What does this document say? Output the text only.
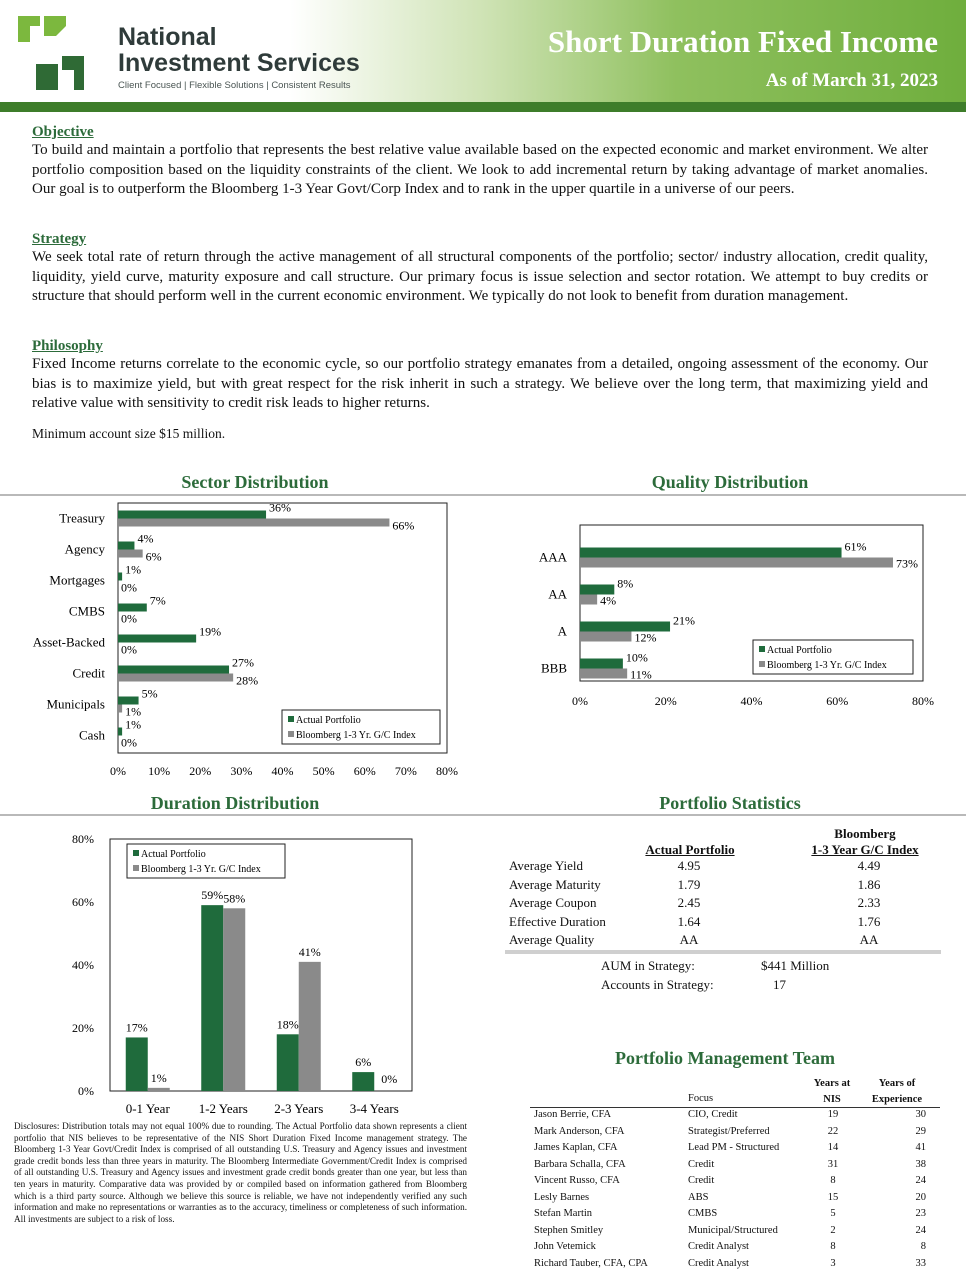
National
Investment Services
Client Focused | Flexible Solutions | Consistent Results
Short Duration Fixed Income
As of March 31, 2023
Objective
To build and maintain a portfolio that represents the best relative value available based on the expected economic and market environment. We alter portfolio composition based on the liquidity constraints of the client. We look to add incremental return by taking advantage of market anomalies. Our goal is to outperform the Bloomberg 1-3 Year Govt/Corp Index and to rank in the upper quartile in a universe of our peers.
Strategy
We seek total rate of return through the active management of all structural components of the portfolio; sector/ industry allocation, credit quality, liquidity, yield curve, maturity exposure and call structure. Our primary focus is issue selection and sector rotation. We attempt to buy credits or structure that should perform well in the current economic environment. We typically do not look to benefit from duration management.
Philosophy
Fixed Income returns correlate to the economic cycle, so our portfolio strategy emanates from a detailed, ongoing assessment of the economy. Our bias is to maximize yield, but with great respect for the risk inherit in such a strategy. We believe over the long term, that maximizing yield and relative value with sensitivity to credit risk leads to higher returns.
Minimum account size $15 million.
Sector Distribution	Quality Distribution
Duration Distribution	Portfolio Statistics
Treasury
36%
66%
Agency
4%
6%
Mortgages
1%
0%
CMBS
7%
0%
Asset-Backed
19%
0%
Credit
27%
28%
Municipals
5%
1%
Cash
1%
0%
0% 10% 20% 30% 40% 50% 60% 70% 80%
Actual Portfolio
Bloomberg 1-3 Yr. G/C Index
AAA
61%
73%
AA
8%
4%
A
21%
12%
BBB
10%
11%
0%	20%	40%	60%	80%
Actual Portfolio
Bloomberg 1-3 Yr. G/C Index
0%
20%
40%
60%
80%
17%
1%
0-1 Year
59% 58%
1-2 Years
18%
41%
2-3 Years
6%
0%
3-4 Years
Actual Portfolio
Bloomberg 1-3 Yr. G/C Index
Actual Portfolio
Bloomberg
1-3 Year G/C Index
Average Yield	4.95	4.49
Average Maturity	1.79	1.86
Average Coupon	2.45	2.33
Effective Duration	1.64	1.76
Average Quality	AA	AA
AUM in Strategy:	$441 Million
Accounts in Strategy:	17
Portfolio Management Team
Focus
Years at
NIS
Years of
Experience
Jason Berrie, CFA	CIO, Credit	19	30
Mark Anderson, CFA	Strategist/Preferred	22	29
James Kaplan, CFA	Lead PM - Structured	14	41
Barbara Schalla, CFA	Credit	31	38
Vincent Russo, CFA	Credit	8	24
Lesly Barnes	ABS	15	20
Stefan Martin	CMBS	5	23
Stephen Smitley	Municipal/Structured	2	24
John Vetemick	Credit Analyst	8	8
Richard Tauber, CFA, CPA	Credit Analyst	3	33
Disclosures: Distribution totals may not equal 100% due to rounding. The Actual Portfolio data shown represents a client portfolio that NIS believes to be representative of the NIS Short Duration Fixed Income management strategy. The Bloomberg 1-3 Year Govt/Credit Index is comprised of all outstanding U.S. Treasury and Agency issues and investment grade credit bonds less than three years in maturity. The Bloomberg Intermediate Government/Credit Index is comprised of all outstanding U.S. Treasury and Agency issues and investment grade credit bonds greater than one year, but less than ten years in maturity. Comparative data was provided by or compiled based on information gathered from Bloomberg which is a third party source. Although we believe this source is reliable, we have not independently verified any such information and make no representations or warranties as to the accuracy, timeliness or completeness of such information. All investments are subject to a risk of loss.
